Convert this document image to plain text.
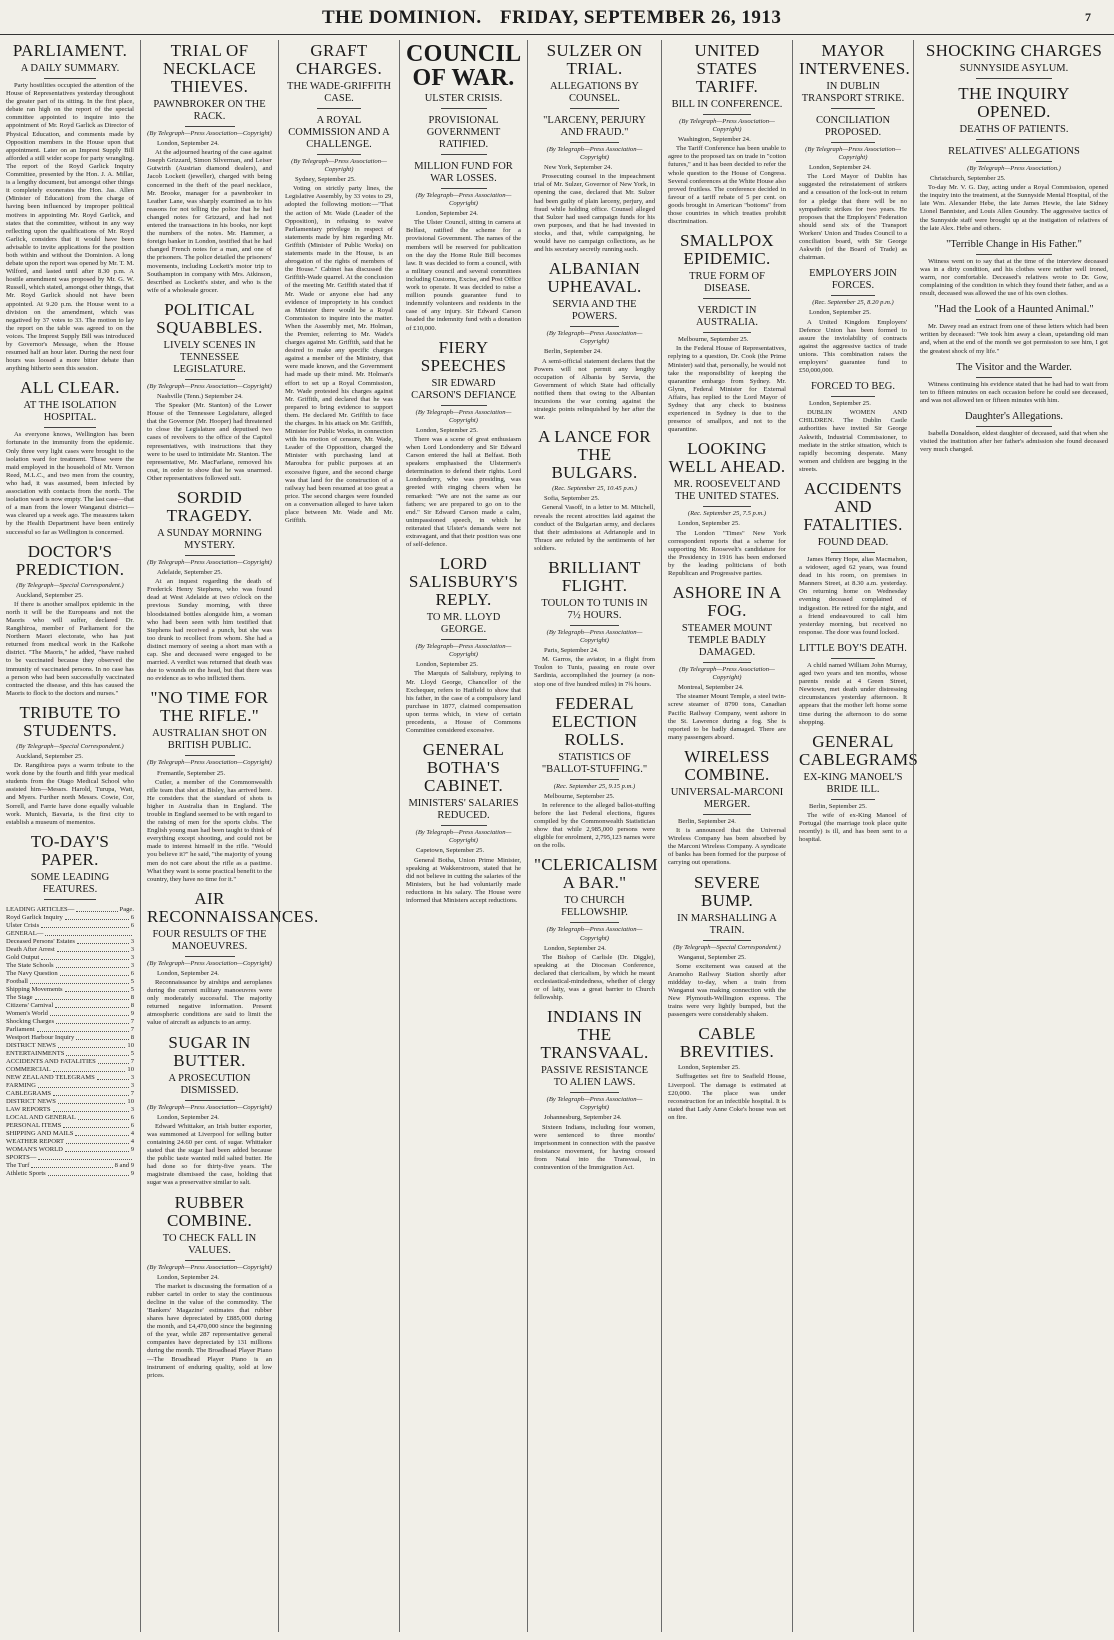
THE DOMINION. FRIDAY, SEPTEMBER 26, 1913	7
PARLIAMENT.
A DAILY SUMMARY.

Party hostilities occupied the attention of the House of Representatives yesterday throughout the greater part of its sitting. In the first place, debate ran high on the report of the special committee appointed to inquire into the appointment of Mr. Royd Garlick as Director of Physical Education, and comments made by Opposition members in the House upon that appointment. Later on an Imprest Supply Bill afforded a still wider scope for party wrangling. The report of the Royd Garlick Inquiry Committee, presented by the Hon. J. A. Millar, is a lengthy document, but amongst other things it completely exonerates the Hon. Jas. Allen (Minister of Education) from the charge of having been influenced by improper political motives in appointing Mr. Royd Garlick, and states that the committee, without in any way reflecting upon the qualifications of Mr. Royd Garlick, considers that it would have been advisable to invite applications for the position both within and without the Dominion. A long debate upon the report was opened by Mr. T. M. Wilford, and lasted until after 8.30 p.m. A hostile amendment was proposed by Mr. G. W. Russell, which stated, amongst other things, that Mr. Royd Garlick should not have been appointed. At 9.20 p.m. the House went to a division on the amendment, which was negatived by 37 votes to 33. The motion to lay the report on the table was agreed to on the voices. The Imprest Supply Bill was introduced by Governor's Message, when the House resumed half an hour later. During the next four hours was loosed a more bitter debate than anything hitherto seen this session.

ALL CLEAR.
AT THE ISOLATION HOSPITAL.

As everyone knows, Wellington has been fortunate in the immunity from the epidemic. Only three very light cases were brought to the isolation ward for treatment. These were the maid employed in the household of Mr. Vernon Reed, M.L.C., and two men from the country, who had, it was assumed, been infected by association with contacts from the north. The isolation ward is now empty. The last case—that of a man from the lower Wanganui district—was cleared up a week ago. The measures taken by the Health Department have been entirely successful so far as Wellington is concerned.

DOCTOR'S PREDICTION.
(By Telegraph—Special Correspondent.)
Auckland, September 25.

If there is another smallpox epidemic in the north it will be the Europeans and not the Maoris who will suffer, declared Dr. Rangihiroa, member of Parliament for the Northern Maori electorate, who has just returned from medical work in the Kaikohe district. "The Maoris," he added, "have rushed to be vaccinated because they observed the immunity of vaccinated persons. In no case has a person who had been successfully vaccinated contracted the disease, and this has caused the Maoris to flock to the doctors and nurses."

TRIBUTE TO STUDENTS.
(By Telegraph—Special Correspondent.)
Auckland, September 25.

Dr. Rangihiroa pays a warm tribute to the work done by the fourth and fifth year medical students from the Otago Medical School who assisted him—Messrs. Harold, Turupa, Watt, and Myers. Further north Messrs. Cowie, Cor, Sorrell, and Farrie have done equally valuable work. Munich, Bavaria, is the first city to establish a museum of mementos.

TO-DAY'S PAPER.
SOME LEADING FEATURES.
LEADING ARTICLES—	Page.
Royd Garlick Inquiry	6
Ulster Crisis	6
GENERAL—
Deceased Persons' Estates	3
Death After Arrest	3
Gold Output	3
The State Schools	3
The Navy Question	6
Football	5
Shipping Movements	5
The Stage	8
Citizens' Carnival	8
Women's World	9
Shocking Charges	7
Parliament	7
Westport Harbour Inquiry	8
DISTRICT NEWS	10
ENTERTAINMENTS	5
ACCIDENTS AND FATALITIES	7
COMMERCIAL	10
NEW ZEALAND TELEGRAMS	3
FARMING	3
CABLEGRAMS	7
DISTRICT NEWS	10
LAW REPORTS	3
LOCAL AND GENERAL	6
PERSONAL ITEMS	6
SHIPPING AND MAILS	4
WEATHER REPORT	4
WOMAN'S WORLD	9
SPORTS—
The Turf	8 and 9
Athletic Sports	9
TRIAL OF NECKLACE THIEVES.
PAWNBROKER ON THE RACK.
(By Telegraph—Press Association—Copyright)
London, September 24.

At the adjourned hearing of the case against Joseph Grizzard, Simon Silverman, and Leiser Gutwirth (Austrian diamond dealers), and Jacob Lockett (jeweller), charged with being concerned in the theft of the pearl necklace, Mr. Brooke, manager for a pawnbroker in Leather Lane, was sharply examined as to his reasons for not telling the police that he had changed notes for Grizzard, and had not entered the transactions in his books, nor kept the numbers of the notes. Mr. Hammer, a foreign banker in London, testified that he had changed French notes for a man, and one of the prisoners. The police detailed the prisoners' movements, including Lockett's motor trip to Southampton in company with Mrs. Atkinson, described as Lockett's sister, and who is the wife of a wholesale grocer.

POLITICAL SQUABBLES.
LIVELY SCENES IN TENNESSEE LEGISLATURE.
(By Telegraph—Press Association—Copyright)
Nashville (Tenn.) September 24.

The Speaker (Mr. Stanton) of the Lower House of the Tennessee Legislature, alleged that the Governor (Mr. Hooper) had threatened to close the Legislature and deputised two cases of revolvers to the office of the Capitol representatives, with instructions that they were to be used to intimidate Mr. Stanton. The representative, Mr. MacFarlane, removed his coat, in order to show that he was unarmed. Other representatives followed suit.

SORDID TRAGEDY.
A SUNDAY MORNING MYSTERY.
(By Telegraph—Press Association—Copyright)
Adelaide, September 25.

At an inquest regarding the death of Frederick Henry Stephens, who was found dead at West Adelaide at two o'clock on the previous Sunday morning, with three bloodstained bottles alongside him, a woman who had been seen with him testified that Stephens had received a punch, but she was too drunk to recollect from whom. She had a distinct memory of seeing a short man with a cap. She and deceased were engaged to be married. A verdict was returned that death was due to wounds on the head, but that there was no evidence as to who inflicted them.

"NO TIME FOR THE RIFLE."
AUSTRALIAN SHOT ON BRITISH PUBLIC.
(By Telegraph—Press Association—Copyright)
Fremantle, September 25.

Cutler, a member of the Commonwealth rifle team that shot at Bisley, has arrived here. He considers that the standard of shots is higher in Australia than in England. The trouble in England seemed to be with regard to the raising of men for the sports clubs. The English young man had been taught to think of everything except shooting, and could not be made to interest himself in the rifle. "Would you believe it?" he said, "the majority of young men do not care about the rifle as a pastime. What they want is some practical benefit to the country, they have no time for it."

AIR RECONNAISSANCES.
FOUR RESULTS OF THE MANOEUVRES.
(By Telegraph—Press Association—Copyright)
London, September 24.

Reconnaissance by airships and aeroplanes during the current military manoeuvres were only moderately successful. The majority returned negative information. Present atmospheric conditions are said to limit the value of aircraft as adjuncts to an army.

SUGAR IN BUTTER.
A PROSECUTION DISMISSED.
(By Telegraph—Press Association—Copyright)
London, September 24.

Edward Whittaker, an Irish butter exporter, was summoned at Liverpool for selling butter containing 24.60 per cent. of sugar. Whittaker stated that the sugar had been added because the public taste wanted mild salted butter. He had done so for thirty-five years. The magistrate dismissed the case, holding that sugar was a preservative similar to salt.

RUBBER COMBINE.
TO CHECK FALL IN VALUES.
(By Telegraph—Press Association—Copyright)
London, September 24.

The market is discussing the formation of a rubber cartel in order to stay the continuous decline in the value of the commodity. The 'Bankers' Magazine' estimates that rubber shares have depreciated by £885,000 during the month, and £4,470,000 since the beginning of the year, while 287 representative general companies have depreciated by 131 millions during the month. The Broadhead Player Piano—The Broadhead Player Piano is an instrument of enduring quality, sold at low prices.

GRAFT CHARGES.
THE WADE-GRIFFITH CASE.
A ROYAL COMMISSION AND A CHALLENGE.
(By Telegraph—Press Association—Copyright)
Sydney, September 25.

Voting on strictly party lines, the Legislative Assembly, by 33 votes to 29, adopted the following motion:—"That the action of Mr. Wade (Leader of the Opposition), in refusing to waive Parliamentary privilege in respect of statements made by him regarding Mr. Griffith (Minister of Public Works) on statements made in the House, is an abrogation of the rights of members of the House." Cabinet has discussed the Griffith-Wade quarrel. At the conclusion of the meeting Mr. Griffith stated that if Mr. Wade or anyone else had any evidence of impropriety in his conduct as Minister there would be a Royal Commission to inquire into the matter. When the Assembly met, Mr. Holman, the Premier, referring to Mr. Wade's charges against Mr. Griffith, said that he desired to make any specific charges against a member of the Ministry, that were made known, and the Government had made up their mind. Mr. Holman's effort to set up a Royal Commission, Mr. Wade protested his charges against Mr. Griffith, and declared that he was prepared to bring evidence to support them. He declared Mr. Griffith to face the charges. In his attack on Mr. Griffith, Minister for Public Works, in connection with his motion of censure, Mr. Wade, Leader of the Opposition, charged the Minister with purchasing land at Maroubra for public purposes at an excessive figure, and the second charge was that land for the construction of a railway had been resumed at too great a price. The second charges were founded on a conversation alleged to have taken place between Mr. Wade and Mr. Griffith.

COUNCIL OF WAR.
ULSTER CRISIS.
PROVISIONAL GOVERNMENT RATIFIED.
MILLION FUND FOR WAR LOSSES.
(By Telegraph—Press Association—Copyright)
London, September 24.

The Ulster Council, sitting in camera at Belfast, ratified the scheme for a provisional Government. The names of the members will be reserved for publication on the day the Home Rule Bill becomes law. It was decided to form a council, with a military council and several committees including Customs, Excise, and Post Office work to operate. It was decided to raise a million pounds guarantee fund to indemnify volunteers and residents in the case of any injury. Sir Edward Carson headed the indemnity fund with a donation of £10,000.

FIERY SPEECHES
SIR EDWARD CARSON'S DEFIANCE
(By Telegraph—Press Association—Copyright)
London, September 25.

There was a scene of great enthusiasm when Lord Londonderry and Sir Edward Carson entered the hall at Belfast. Both speakers emphasised the Ulstermen's determination to defend their rights. Lord Londonderry, who was presiding, was greeted with ringing cheers when he remarked: "We are not the same as our fathers; we are prepared to go on to the end." Sir Edward Carson made a calm, unimpassioned speech, in which he reiterated that Ulster's demands were not extravagant, and that their position was one of self-defence.

LORD SALISBURY'S REPLY.
TO MR. LLOYD GEORGE.
(By Telegraph—Press Association—Copyright)
London, September 25.

The Marquis of Salisbury, replying to Mr. Lloyd George, Chancellor of the Exchequer, refers to Hatfield to show that his father, in the case of a compulsory land purchase in 1877, claimed compensation upon terms which, in view of certain precedents, a House of Commons Committee considered excessive.

GENERAL BOTHA'S CABINET.
MINISTERS' SALARIES REDUCED.
(By Telegraph—Press Association—Copyright)
Capetown, September 25.

General Botha, Union Prime Minister, speaking at Wakkerstroom, stated that he did not believe in cutting the salaries of the Ministers, but he had voluntarily made reductions in his salary. The House were informed that Ministers accept reductions.

SULZER ON TRIAL.
ALLEGATIONS BY COUNSEL.
"LARCENY, PERJURY AND FRAUD."
(By Telegraph—Press Association—Copyright)
New York, September 24.

Prosecuting counsel in the impeachment trial of Mr. Sulzer, Governor of New York, in opening the case, declared that Mr. Sulzer had been guilty of plain larceny, perjury, and fraud while holding office. Counsel alleged that Sulzer had used campaign funds for his own purposes, and that he had invested in stocks, and that, while campaigning, he would have no campaign collections, as he and his secretary secretly running such.

ALBANIAN UPHEAVAL.
SERVIA AND THE POWERS.
(By Telegraph—Press Association—Copyright)
Berlin, September 24.

A semi-official statement declares that the Powers will not permit any lengthy occupation of Albania by Servia, the Government of which State had officially notified them that owing to the Albanian incursions the war coming against the strategic points relinquished by her after the war.

A LANCE FOR THE BULGARS.
(Rec. September 25, 10.45 p.m.)
Sofia, September 25.

General Vasoff, in a letter to M. Mitchell, reveals the recent atrocities laid against the conduct of the Bulgarian army, and declares that their admissions at Adrianople and in Thrace are refuted by the sentiments of her soldiers.

BRILLIANT FLIGHT.
TOULON TO TUNIS IN 7½ HOURS.
(By Telegraph—Press Association—Copyright)
Paris, September 24.

M. Garros, the aviator, in a flight from Toulon to Tunis, passing en route over Sardinia, accomplished the journey (a non-stop one of five hundred miles) in 7¾ hours.

FEDERAL ELECTION ROLLS.
STATISTICS OF "BALLOT-STUFFING."
(Rec. September 25, 9.15 p.m.)
Melbourne, September 25.

In reference to the alleged ballot-stuffing before the last Federal elections, figures compiled by the Commonwealth Statistician show that while 2,985,000 persons were eligible for enrolment, 2,795,123 names were on the rolls.

"CLERICALISM A BAR."
TO CHURCH FELLOWSHIP.
(By Telegraph—Press Association—Copyright)
London, September 24.

The Bishop of Carlisle (Dr. Diggle), speaking at the Diocesan Conference, declared that clericalism, by which he meant ecclesiastical-mindedness, whether of clergy or of laity, was a great barrier to Church fellowship.

INDIANS IN THE TRANSVAAL.
PASSIVE RESISTANCE TO ALIEN LAWS.
(By Telegraph—Press Association—Copyright)
Johannesburg, September 24.

Sixteen Indians, including four women, were sentenced to three months' imprisonment in connection with the passive resistance movement, for having crossed from Natal into the Transvaal, in contravention of the Immigration Act.

UNITED STATES TARIFF.
BILL IN CONFERENCE.
(By Telegraph—Press Association—Copyright)
Washington, September 24.

The Tariff Conference has been unable to agree to the proposed tax on trade in "cotton futures," and it has been decided to refer the whole question to the House of Congress. Several conferences at the White House also proved fruitless. The conference decided in favour of a tariff rebate of 5 per cent. on goods brought in American "bottoms" from those countries in which treaties prohibit discrimination.

SMALLPOX EPIDEMIC.
TRUE FORM OF DISEASE.
VERDICT IN AUSTRALIA.
Melbourne, September 25.

In the Federal House of Representatives, replying to a question, Dr. Cook (the Prime Minister) said that, personally, he would not take the responsibility of keeping the quarantine embargo from Sydney. Mr. Glynn, Federal Minister for External Affairs, has replied to the Lord Mayor of Sydney that any check to business experienced in Sydney is due to the presence of smallpox, and not to the quarantine.

LOOKING WELL AHEAD.
MR. ROOSEVELT AND THE UNITED STATES.
(Rec. September 25, 7.5 p.m.)
London, September 25.

The London "Times" New York correspondent reports that a scheme for supporting Mr. Roosevelt's candidature for the Presidency in 1916 has been endorsed by the leading politicians of both Republican and Progressive parties.

ASHORE IN A FOG.
STEAMER MOUNT TEMPLE BADLY DAMAGED.
(By Telegraph—Press Association—Copyright)
Montreal, September 24.

The steamer Mount Temple, a steel twin-screw steamer of 8790 tons, Canadian Pacific Railway Company, went ashore in the St. Lawrence during a fog. She is reported to be badly damaged. There are many passengers aboard.

WIRELESS COMBINE.
UNIVERSAL-MARCONI MERGER.
Berlin, September 24.

It is announced that the Universal Wireless Company has been absorbed by the Marconi Wireless Company. A syndicate of banks has been formed for the purpose of carrying out operations.

SEVERE BUMP.
IN MARSHALLING A TRAIN.
(By Telegraph—Special Correspondent.)
Wanganui, September 25.

Some excitement was caused at the Aramoho Railway Station shortly after middday to-day, when a train from Wanganui was making connection with the New Plymouth-Wellington express. The trains were very lightly bumped, but the passengers were considerably shaken.

CABLE BREVITIES.
London, September 25.

Suffragettes set fire to Seafield House, Liverpool. The damage is estimated at £20,000. The place was under reconstruction for an infectible hospital. It is stated that Lady Anne Coke's house was set on fire.

MAYOR INTERVENES.
IN DUBLIN TRANSPORT STRIKE.
CONCILIATION PROPOSED.
(By Telegraph—Press Association—Copyright)
London, September 24.

The Lord Mayor of Dublin has suggested the reinstatement of strikers and a cessation of the lock-out in return for a pledge that there will be no sympathetic strikes for two years. He proposes that the Employers' Federation should send six of the Transport Workers' Union and Trades Council to a conciliation board, with Sir George Askwith (of the Board of Trade) as chairman.

EMPLOYERS JOIN FORCES.
(Rec. September 25, 8.20 p.m.)
London, September 25.

A United Kingdom Employers' Defence Union has been formed to assure the inviolability of contracts against the aggressive tactics of trade unions. This combination raises the employers' guarantee fund to £50,000,000.

FORCED TO BEG.
London, September 25.

DUBLIN WOMEN AND CHILDREN. The Dublin Castle authorities have invited Sir George Askwith, Industrial Commissioner, to mediate in the strike situation, which is rapidly becoming desperate. Many women and children are begging in the streets.

ACCIDENTS AND FATALITIES.
FOUND DEAD.

James Henry Hope, alias Macmahon, a widower, aged 62 years, was found dead in his room, on premises in Manners Street, at 8.30 a.m. yesterday. On returning home on Wednesday evening deceased complained of indigestion. He retired for the night, and a friend endeavoured to call him yesterday morning, but received no response. The door was found locked.

LITTLE BOY'S DEATH.

A child named William John Murray, aged two years and ten months, whose parents reside at 4 Green Street, Newtown, met death under distressing circumstances yesterday afternoon. It appears that the mother left home some time during the afternoon to do some shopping.

GENERAL CABLEGRAMS
EX-KING MANOEL'S BRIDE ILL.
Berlin, September 25.

The wife of ex-King Manoel of Portugal (the marriage took place quite recently) is ill, and has been sent to a hospital.

SHOCKING CHARGES
SUNNYSIDE ASYLUM.
THE INQUIRY OPENED.
DEATHS OF PATIENTS.
RELATIVES' ALLEGATIONS
(By Telegraph—Press Association.)
Christchurch, September 25.

To-day Mr. V. G. Day, acting under a Royal Commission, opened the inquiry into the treatment, at the Sunnyside Mental Hospital, of the late Wm. Alexander Hebe, the late James Hewie, the late Sidney Lionel Bannister, and Louis Allen Goundry. The aggressive tactics of the Sunnyside staff were brought up at the instigation of relatives of the late Alex. Hebe and others.

"Terrible Change in His Father."

Witness went on to say that at the time of the interview deceased was in a dirty condition, and his clothes were neither well ironed, warm, nor comfortable. Deceased's relatives wrote to Dr. Gow, complaining of the condition in which they found their father, and as a result, deceased was allowed the use of his own clothes.

"Had the Look of a Haunted Animal."

Mr. Davey read an extract from one of these letters which had been written by deceased: "We took him away a clean, upstanding old man and, when at the end of the month we got permission to see him, I got the greatest shock of my life."

The Visitor and the Warder.

Witness continuing his evidence stated that he had had to wait from ten to fifteen minutes on each occasion before he could see deceased, and was not allowed ten or fifteen minutes with him.

Daughter's Allegations.

Isabella Donaldson, eldest daughter of deceased, said that when she visited the institution after her father's admission she found deceased very much changed.
